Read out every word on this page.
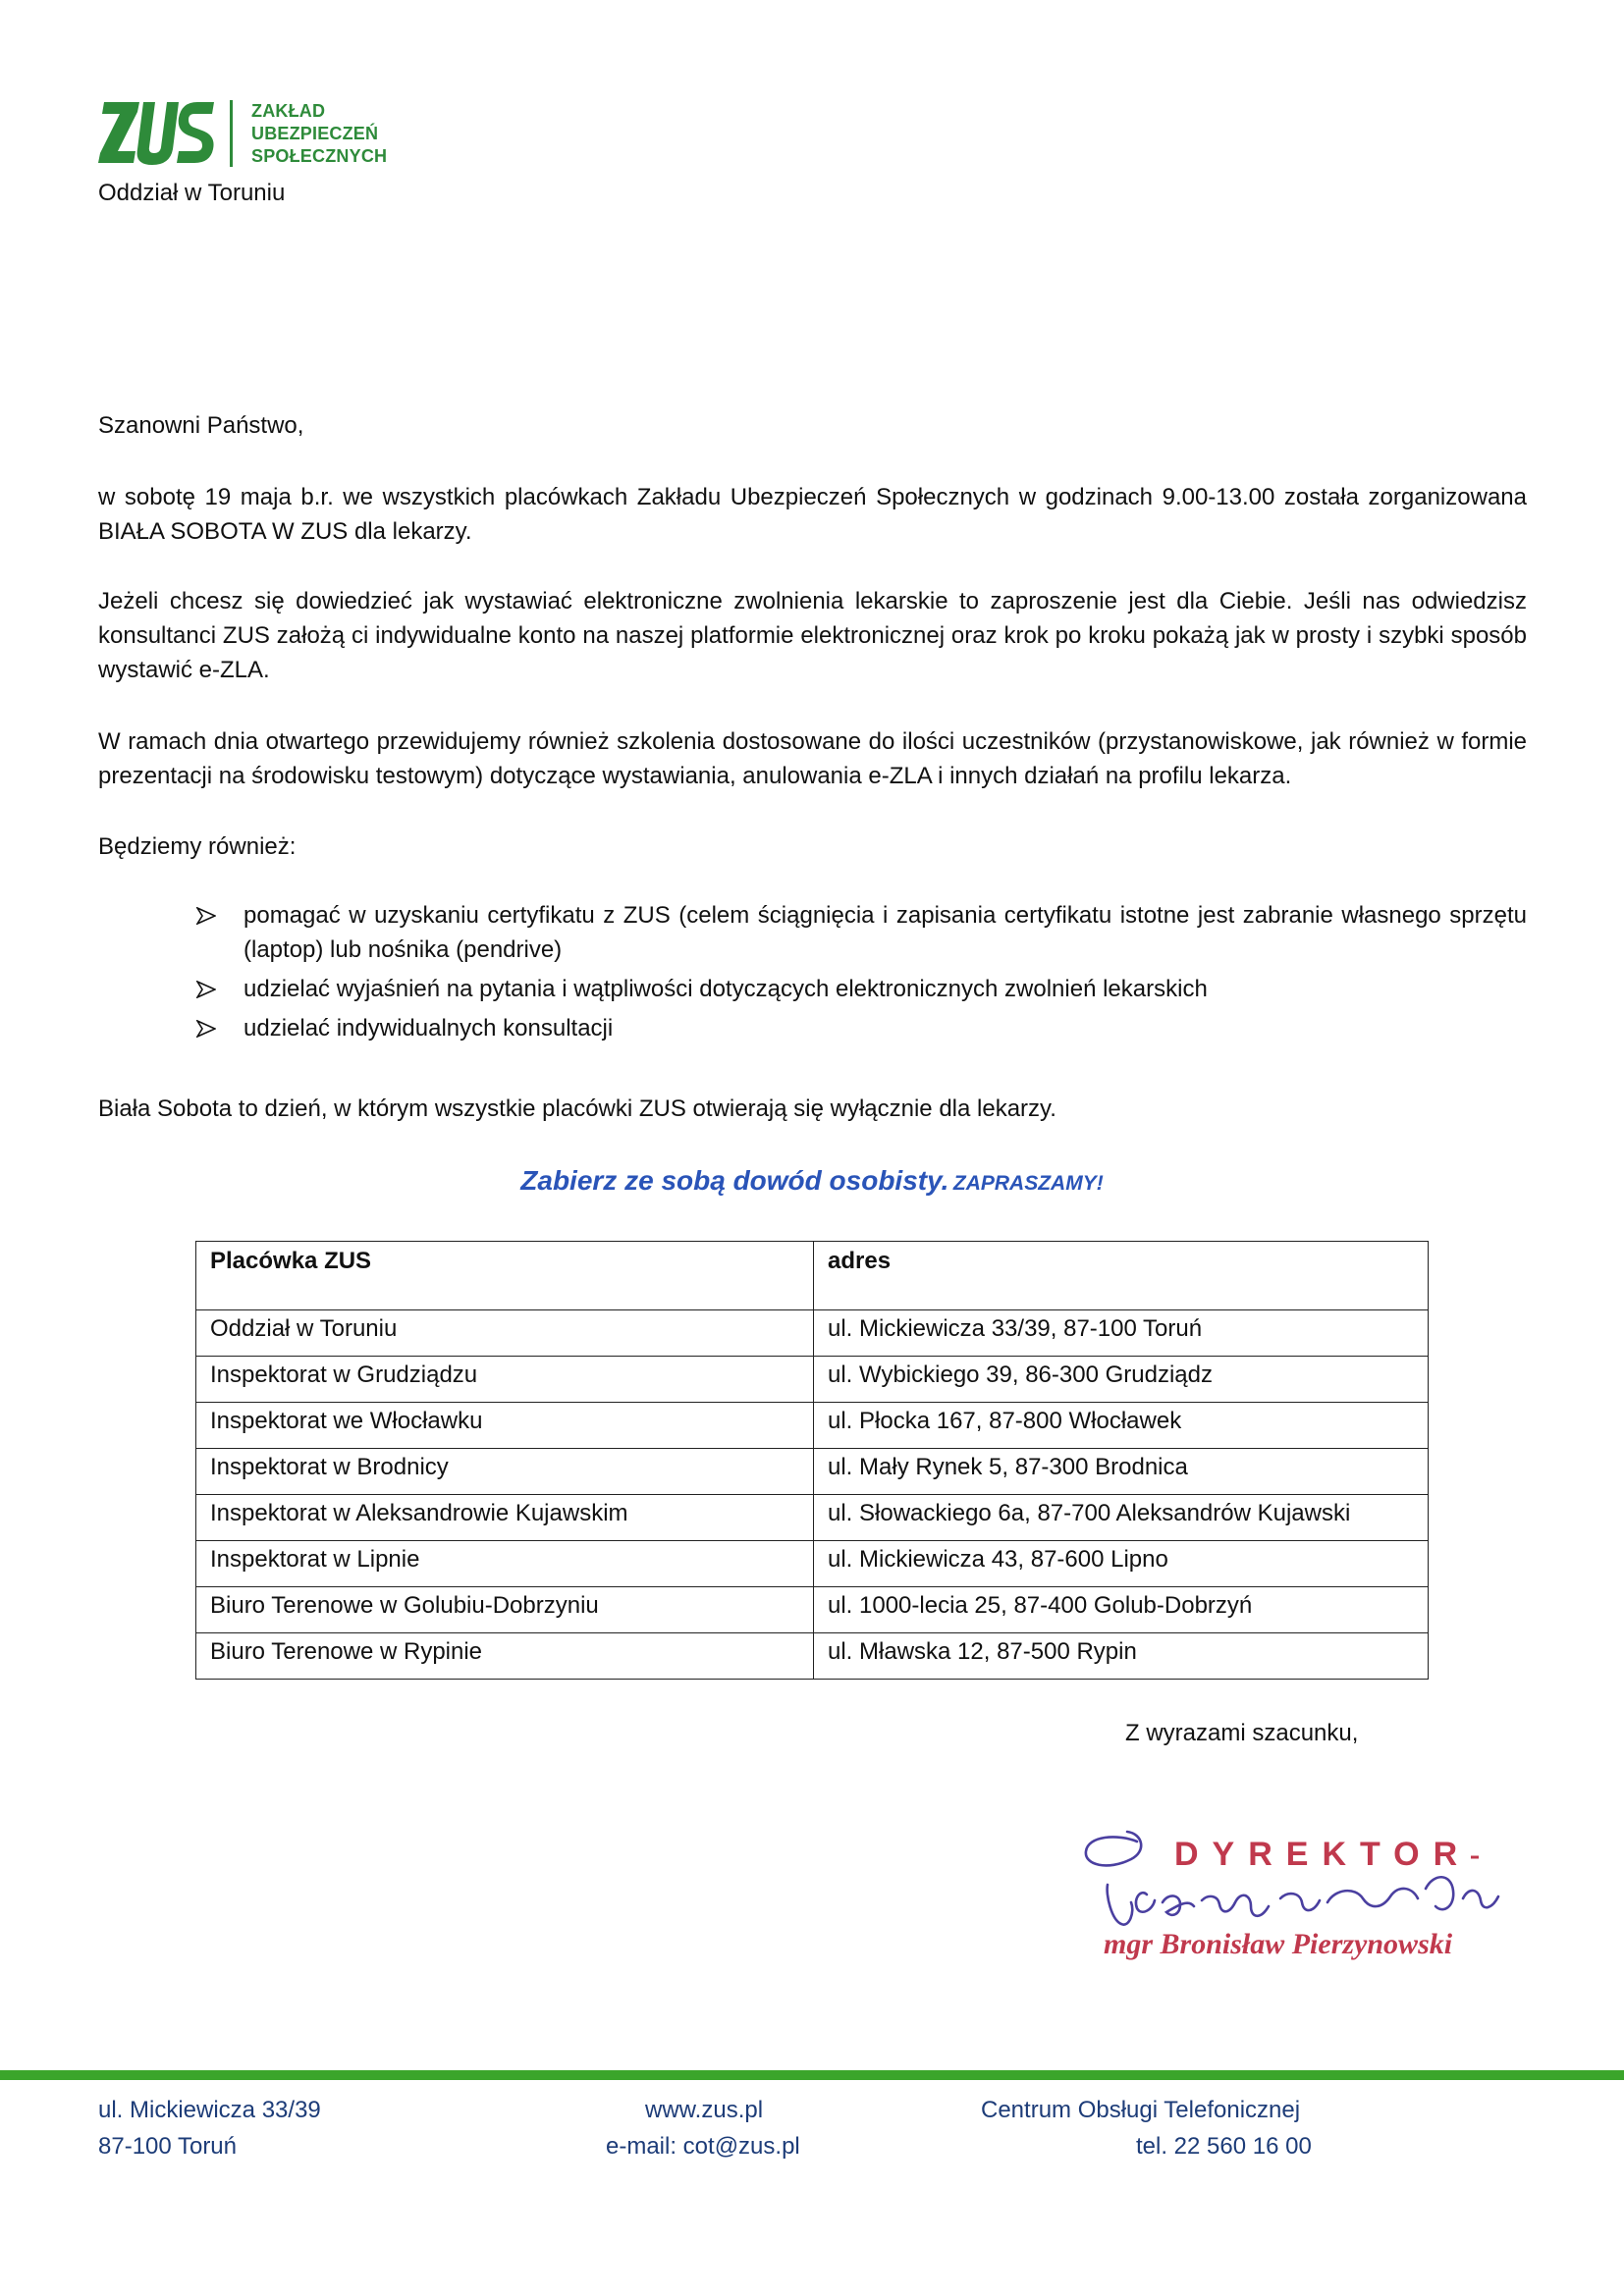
ZAKŁAD
UBEZPIECZEŃ
SPOŁECZNYCH
Oddział w Toruniu
Szanowni Państwo,

w sobotę 19 maja b.r. we wszystkich placówkach Zakładu Ubezpieczeń Społecznych w godzinach 9.00-13.00 została zorganizowana BIAŁA SOBOTA W ZUS dla lekarzy.

Jeżeli chcesz się dowiedzieć jak wystawiać elektroniczne zwolnienia lekarskie to zaproszenie jest dla Ciebie. Jeśli nas odwiedzisz konsultanci ZUS założą ci indywidualne konto na naszej platformie elektronicznej oraz krok po kroku pokażą jak w prosty i szybki sposób wystawić e-ZLA.

W ramach dnia otwartego przewidujemy również szkolenia dostosowane do ilości uczestników (przystanowiskowe, jak również w formie prezentacji na środowisku testowym) dotyczące wystawiania, anulowania e-ZLA i innych działań na profilu lekarza.

Będziemy również:

pomagać w uzyskaniu certyfikatu z ZUS (celem ściągnięcia i zapisania certyfikatu istotne jest zabranie własnego sprzętu (laptop) lub nośnika (pendrive)
udzielać wyjaśnień na pytania i wątpliwości dotyczących elektronicznych zwolnień lekarskich
udzielać indywidualnych konsultacji

Biała Sobota to dzień, w którym wszystkie placówki ZUS otwierają się wyłącznie dla lekarzy.

Zabierz ze sobą dowód osobisty. ZAPRASZAMY!
Placówka ZUS	adres
Oddział w Toruniu	ul. Mickiewicza 33/39, 87-100 Toruń
Inspektorat w Grudziądzu	ul. Wybickiego 39, 86-300 Grudziądz
Inspektorat we Włocławku	ul. Płocka 167, 87-800 Włocławek
Inspektorat w Brodnicy	ul. Mały Rynek 5, 87-300 Brodnica
Inspektorat w Aleksandrowie Kujawskim	ul. Słowackiego 6a, 87-700 Aleksandrów Kujawski
Inspektorat w Lipnie	ul. Mickiewicza 43, 87-600 Lipno
Biuro Terenowe w Golubiu-Dobrzyniu	ul. 1000-lecia 25, 87-400 Golub-Dobrzyń
Biuro Terenowe w Rypinie	ul. Mławska 12, 87-500 Rypin
Z wyrazami szacunku,
DYREKTOR
mgr Bronisław Pierzynowski
ul. Mickiewicza 33/39
87-100 Toruń
www.zus.pl
e-mail: cot@zus.pl
Centrum Obsługi Telefonicznej
tel. 22 560 16 00
